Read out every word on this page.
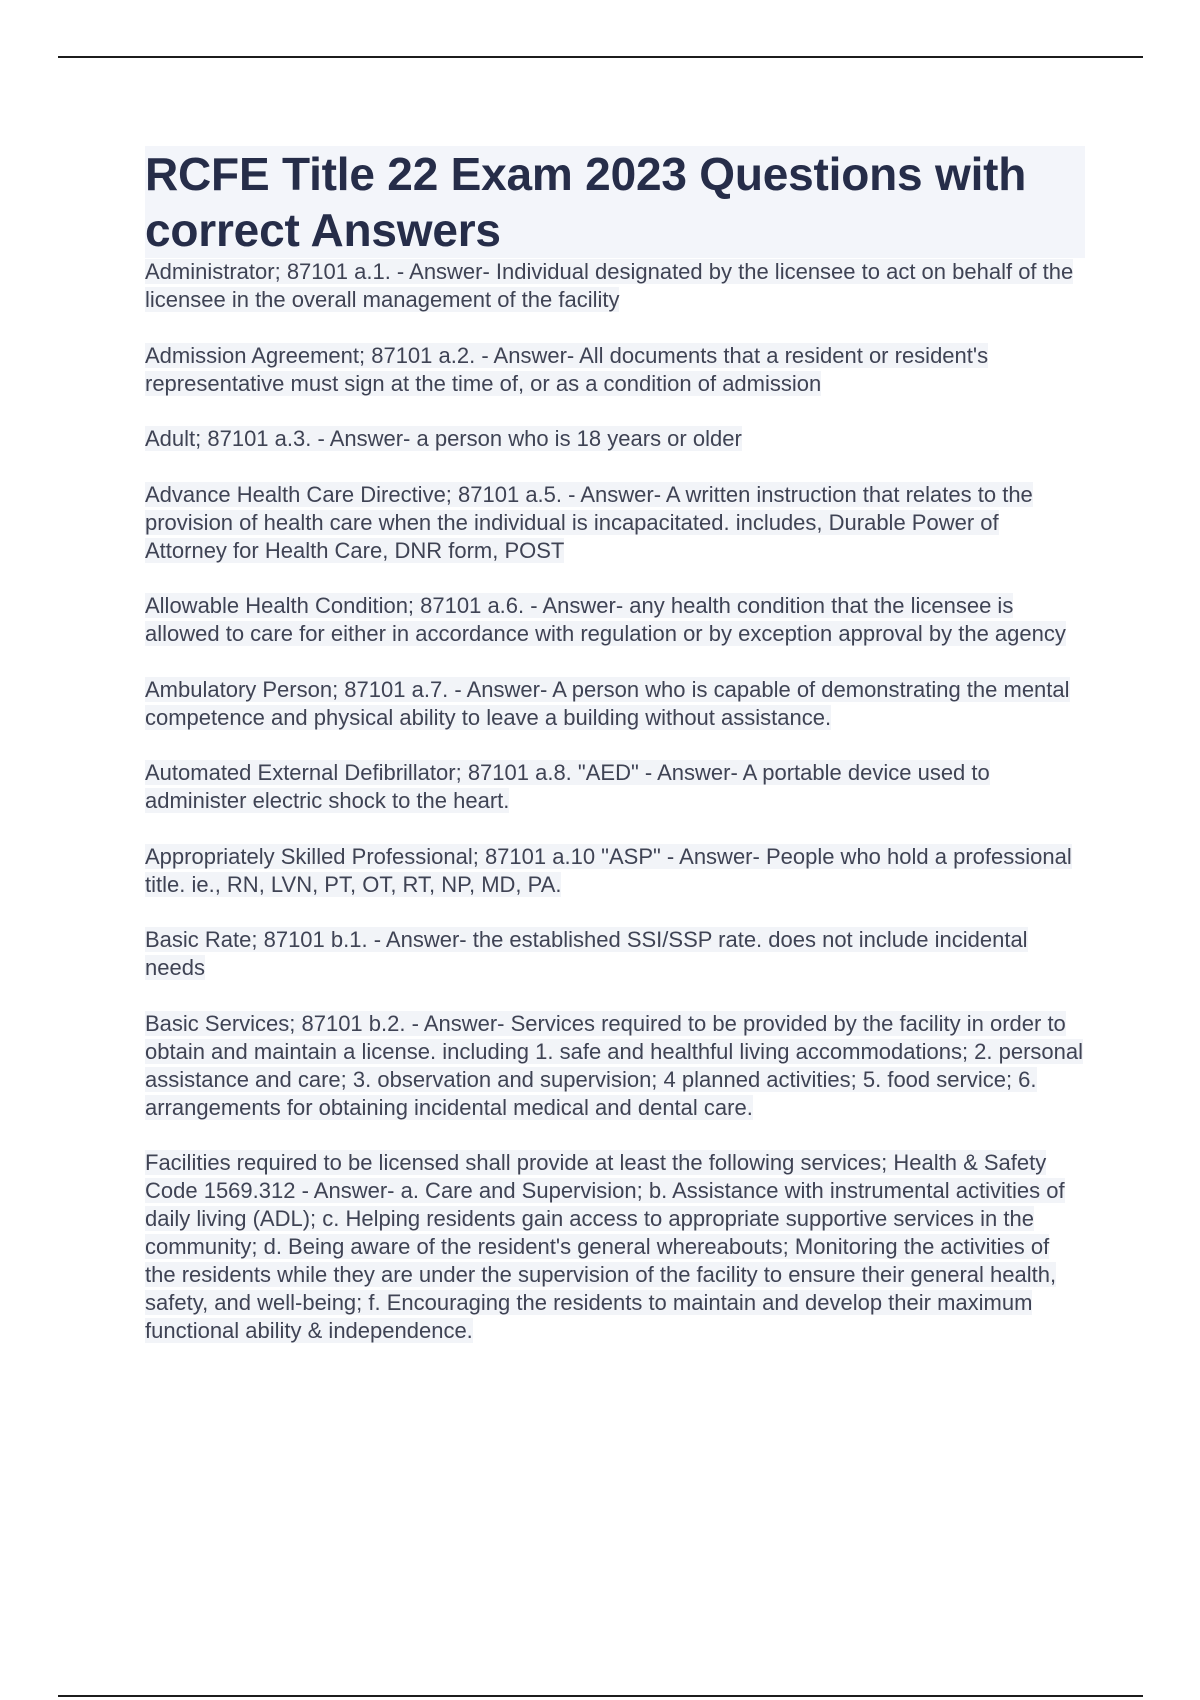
RCFE Title 22 Exam 2023 Questions with correct Answers
Administrator; 87101 a.1. - Answer- Individual designated by the licensee to act on behalf of the licensee in the overall management of the facility
Admission Agreement; 87101 a.2. - Answer- All documents that a resident or resident's representative must sign at the time of, or as a condition of admission
Adult; 87101 a.3. - Answer- a person who is 18 years or older
Advance Health Care Directive; 87101 a.5. - Answer- A written instruction that relates to the provision of health care when the individual is incapacitated. includes, Durable Power of Attorney for Health Care, DNR form, POST
Allowable Health Condition; 87101 a.6. - Answer- any health condition that the licensee is allowed to care for either in accordance with regulation or by exception approval by the agency
Ambulatory Person; 87101 a.7. - Answer- A person who is capable of demonstrating the mental competence and physical ability to leave a building without assistance.
Automated External Defibrillator; 87101 a.8. "AED" - Answer- A portable device used to administer electric shock to the heart.
Appropriately Skilled Professional; 87101 a.10 "ASP" - Answer- People who hold a professional title. ie., RN, LVN, PT, OT, RT, NP, MD, PA.
Basic Rate; 87101 b.1. - Answer- the established SSI/SSP rate. does not include incidental needs
Basic Services; 87101 b.2. - Answer- Services required to be provided by the facility in order to obtain and maintain a license. including 1. safe and healthful living accommodations; 2. personal assistance and care; 3. observation and supervision; 4 planned activities; 5. food service; 6. arrangements for obtaining incidental medical and dental care.
Facilities required to be licensed shall provide at least the following services; Health & Safety Code 1569.312 - Answer- a. Care and Supervision; b. Assistance with instrumental activities of daily living (ADL); c. Helping residents gain access to appropriate supportive services in the community; d. Being aware of the resident's general whereabouts; Monitoring the activities of the residents while they are under the supervision of the facility to ensure their general health, safety, and well-being; f. Encouraging the residents to maintain and develop their maximum functional ability & independence.
